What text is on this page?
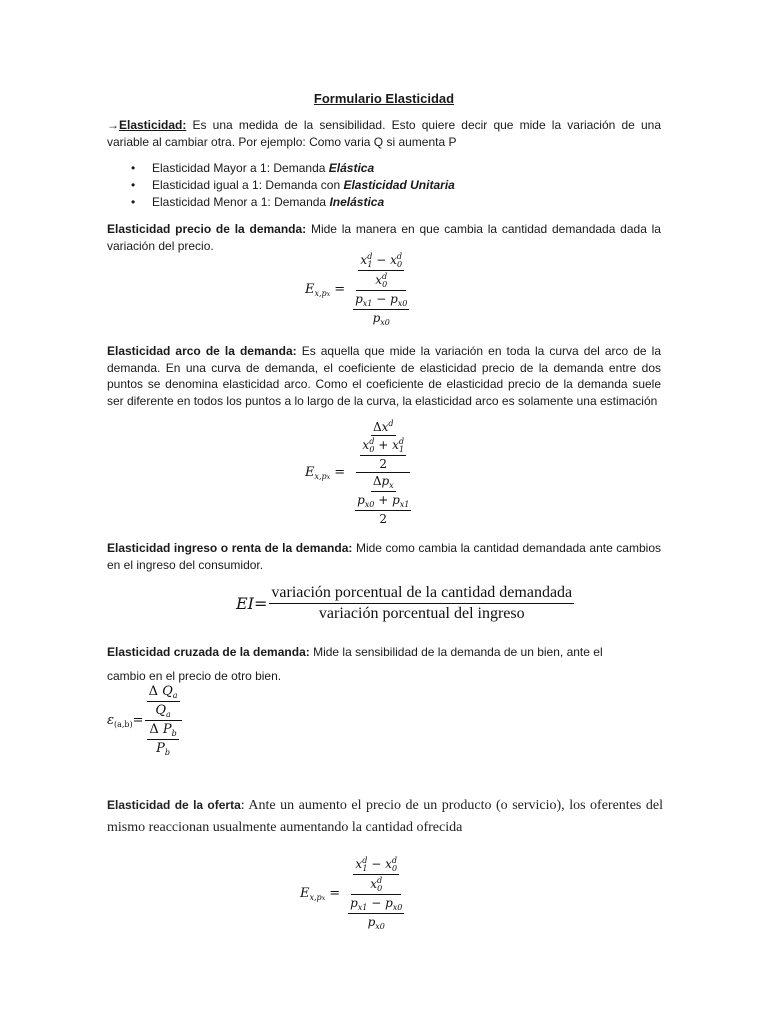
Formulario Elasticidad
→Elasticidad: Es una medida de la sensibilidad. Esto quiere decir que mide la variación de una variable al cambiar otra. Por ejemplo: Como varia Q si aumenta P
• Elasticidad Mayor a 1: Demanda Elástica
• Elasticidad igual a 1: Demanda con Elasticidad Unitaria
• Elasticidad Menor a 1: Demanda Inelástica
Elasticidad precio de la demanda: Mide la manera en que cambia la cantidad demandada dada la variación del precio.
$E_{x,px} = \frac{\frac{x^d_1 - x^d_0}{x^d_0}}{\frac{p_{x1} - p_{x0}}{p_{x0}}}$
Elasticidad arco de la demanda: Es aquella que mide la variación en toda la curva del arco de la demanda. En una curva de demanda, el coeficiente de elasticidad precio de la demanda entre dos puntos se denomina elasticidad arco. Como el coeficiente de elasticidad precio de la demanda suele ser diferente en todos los puntos a lo largo de la curva, la elasticidad arco es solamente una estimación
$E_{x,px}$ =
$\frac{\Delta x^d}{\frac{x^d_0 + x^d_1}{2}}$
$\frac{\Delta p_x}{\frac{p_{x0} + p_{x1}}{2}}$
Elasticidad ingreso o renta de la demanda: Mide como cambia la cantidad demandada ante cambios en el ingreso del consumidor.
$EI= \frac{\text{variación porcentual de la cantidad demandada}}{\text{variación porcentual del ingreso}}$
Elasticidad cruzada de la demanda: Mide la sensibilidad de la demanda de un bien, ante el
cambio en el precio de otro bien.
$\varepsilon_{(a,b)}= \frac{\frac{\Delta Q_a}{Q_a}}{\frac{\Delta P_b}{P_b}}$
Elasticidad de la oferta: Ante un aumento el precio de un producto (o servicio), los oferentes del mismo reaccionan usualmente aumentando la cantidad ofrecida
$E_{x,px} = \frac{\frac{x^d_1 - x^d_0}{x^d_0}}{\frac{p_{x1} - p_{x0}}{p_{x0}}}$
